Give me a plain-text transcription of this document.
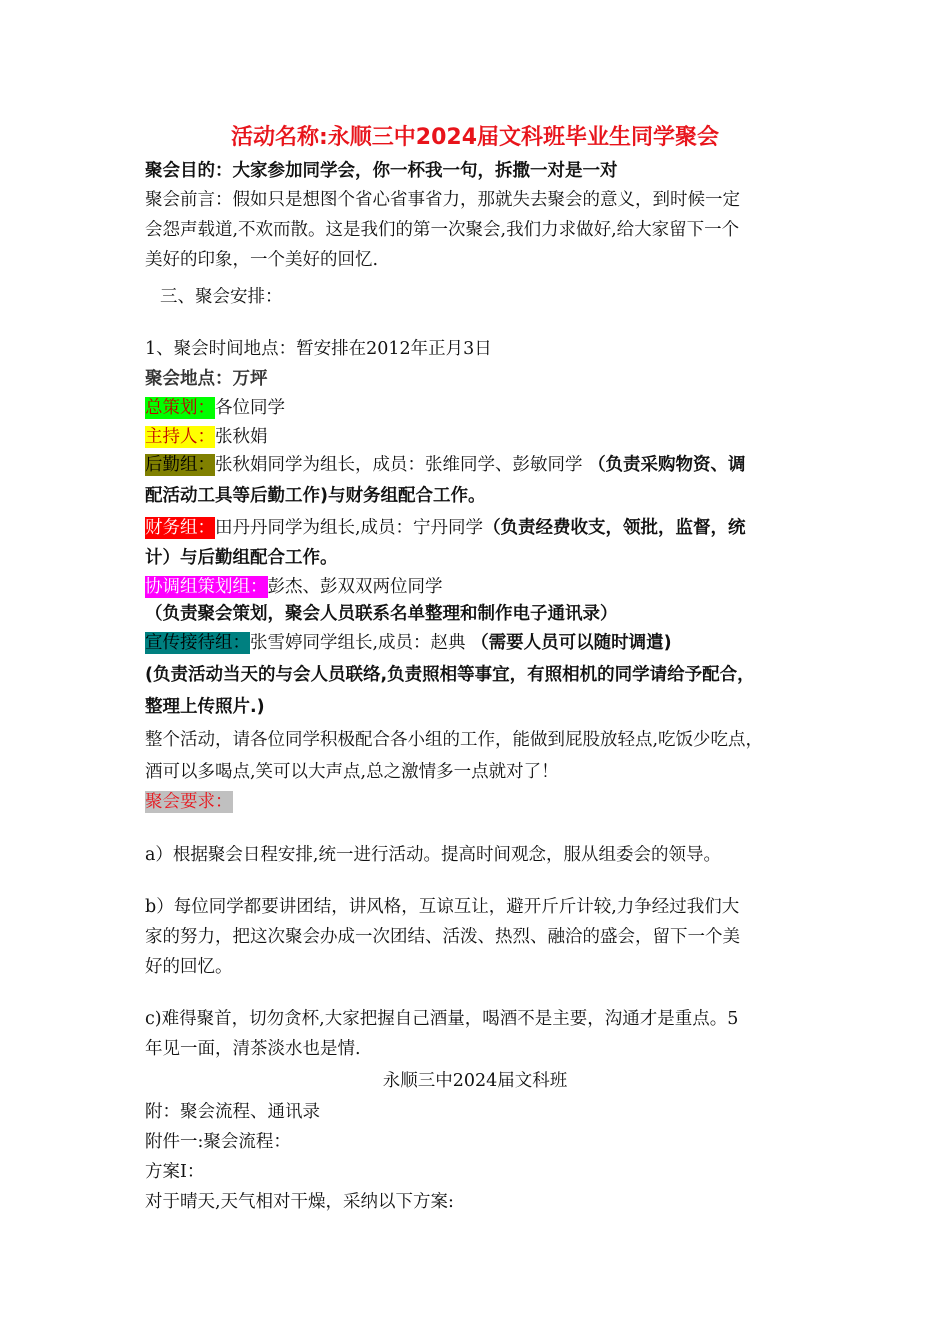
活动名称:永顺三中2024届文科班毕业生同学聚会
聚会目的：大家参加同学会，你一杯我一句，拆撒一对是一对
聚会前言：假如只是想图个省心省事省力，那就失去聚会的意义，到时候一定
会怨声载道,不欢而散。这是我们的第一次聚会,我们力求做好,给大家留下一个
美好的印象，一个美好的回忆.
三、聚会安排：
1、聚会时间地点：暂安排在2012年正月3日
聚会地点：万坪
总策划：各位同学
主持人：张秋娟
后勤组：张秋娟同学为组长，成员：张维同学、彭敏同学 （负责采购物资、调
配活动工具等后勤工作)与财务组配合工作。
财务组：田丹丹同学为组长,成员：宁丹同学（负责经费收支，领批，监督，统
计）与后勤组配合工作。
协调组策划组：彭杰、彭双双两位同学
（负责聚会策划，聚会人员联系名单整理和制作电子通讯录）
宣传接待组：张雪婷同学组长,成员：赵典 （需要人员可以随时调遣)
(负责活动当天的与会人员联络,负责照相等事宜，有照相机的同学请给予配合，
整理上传照片.)
整个活动，请各位同学积极配合各小组的工作，能做到屁股放轻点,吃饭少吃点，
酒可以多喝点,笑可以大声点,总之激情多一点就对了！
聚会要求：
a）根据聚会日程安排,统一进行活动。提高时间观念，服从组委会的领导。
b）每位同学都要讲团结，讲风格，互谅互让，避开斤斤计较,力争经过我们大
家的努力，把这次聚会办成一次团结、活泼、热烈、融洽的盛会，留下一个美
好的回忆。
c)难得聚首，切勿贪杯,大家把握自己酒量，喝酒不是主要，沟通才是重点。5
年见一面，清茶淡水也是情.
永顺三中2024届文科班
附：聚会流程、通讯录
附件一:聚会流程：
方案Ⅰ：
对于晴天,天气相对干燥，采纳以下方案:
